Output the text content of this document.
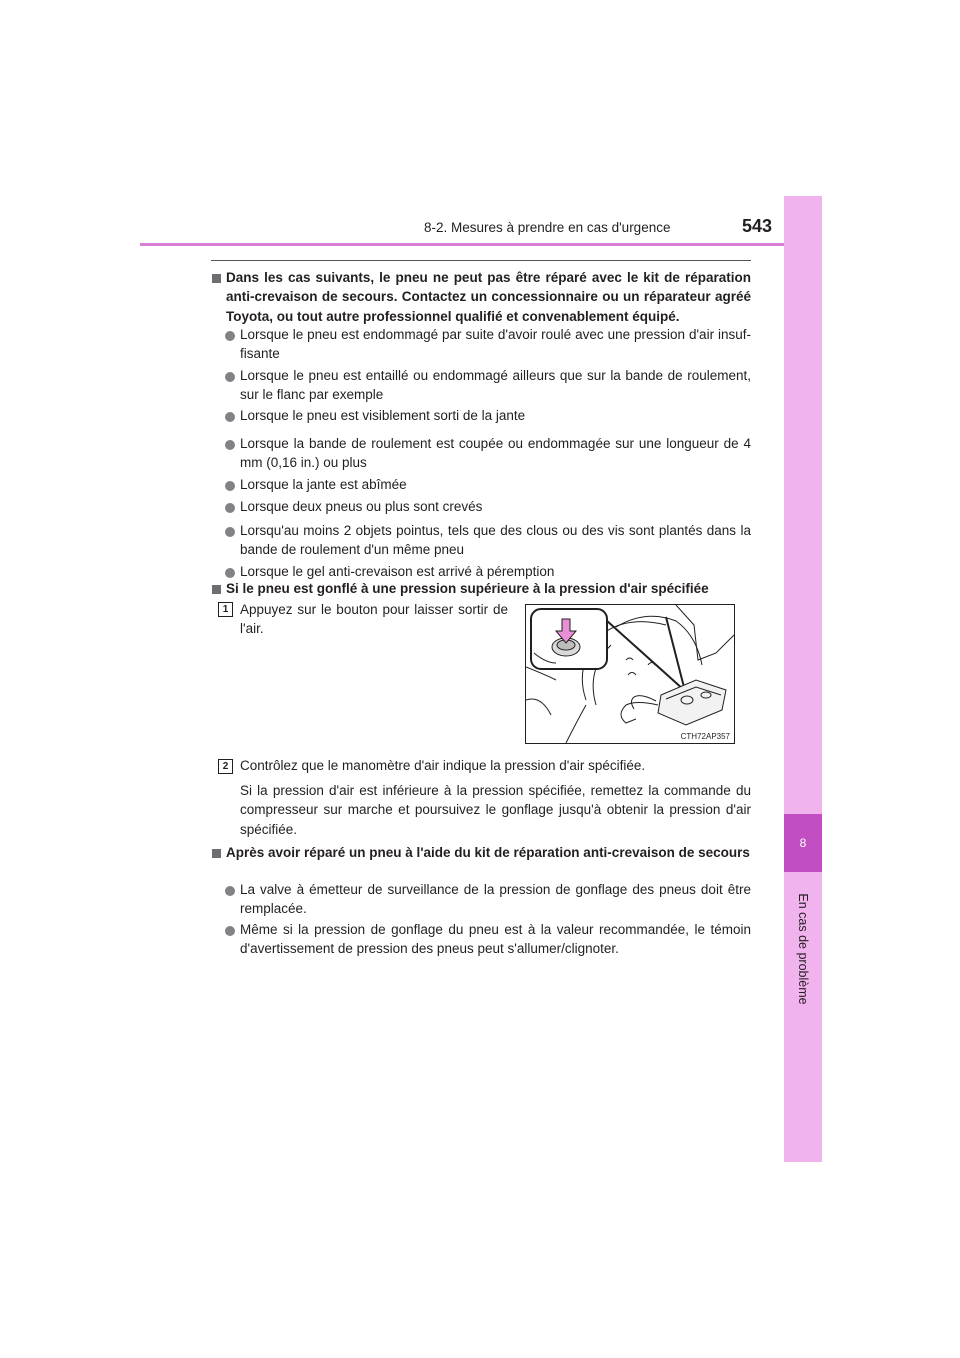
8-2. Mesures à prendre en cas d'urgence	543
8
En cas de problème
Dans les cas suivants, le pneu ne peut pas être réparé avec le kit de réparation anti-crevaison de secours. Contactez un concessionnaire ou un réparateur agréé Toyota, ou tout autre professionnel qualifié et convenablement équipé.
Lorsque le pneu est endommagé par suite d'avoir roulé avec une pression d'air insuf-fisante
Lorsque le pneu est entaillé ou endommagé ailleurs que sur la bande de roulement, sur le flanc par exemple
Lorsque le pneu est visiblement sorti de la jante
Lorsque la bande de roulement est coupée ou endommagée sur une longueur de 4 mm (0,16 in.) ou plus
Lorsque la jante est abîmée
Lorsque deux pneus ou plus sont crevés
Lorsqu'au moins 2 objets pointus, tels que des clous ou des vis sont plantés dans la bande de roulement d'un même pneu
Lorsque le gel anti-crevaison est arrivé à péremption
Si le pneu est gonflé à une pression supérieure à la pression d'air spécifiée
1 Appuyez sur le bouton pour laisser sortir de l'air.
CTH72AP357
2 Contrôlez que le manomètre d'air indique la pression d'air spécifiée.
Si la pression d'air est inférieure à la pression spécifiée, remettez la commande du compresseur sur marche et poursuivez le gonflage jusqu'à obtenir la pression d'air spécifiée.
Après avoir réparé un pneu à l'aide du kit de réparation anti-crevaison de secours
La valve à émetteur de surveillance de la pression de gonflage des pneus doit être remplacée.
Même si la pression de gonflage du pneu est à la valeur recommandée, le témoin d'avertissement de pression des pneus peut s'allumer/clignoter.
